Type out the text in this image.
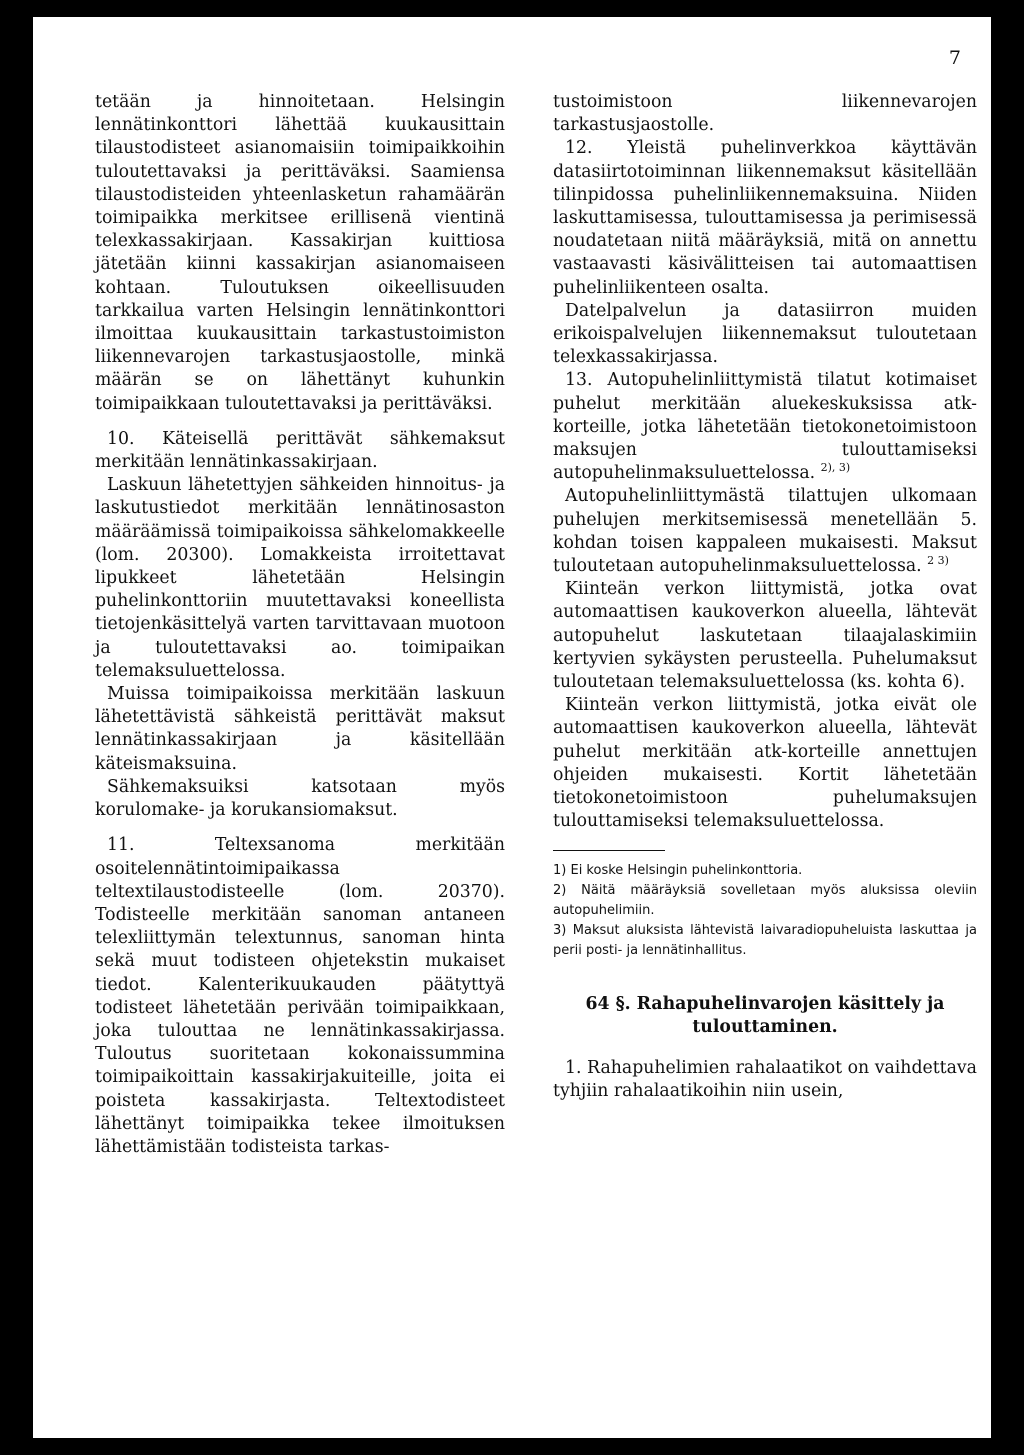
7

tetään ja hinnoitetaan. Helsingin lennätinkonttori lähettää kuukausittain tilaustodisteet asianomaisiin toimipaikkoihin tuloutettavaksi ja perittäväksi. Saamiensa tilaustodisteiden yhteenlasketun rahamäärän toimipaikka merkitsee erillisenä vientinä telexkassakirjaan. Kassakirjan kuittiosa jätetään kiinni kassakirjan asianomaiseen kohtaan. Tuloutuksen oikeellisuuden tarkkailua varten Helsingin lennätinkonttori ilmoittaa kuukausittain tarkastustoimiston liikennevarojen tarkastusjaostolle, minkä määrän se on lähettänyt kuhunkin toimipaikkaan tuloutettavaksi ja perittäväksi.

10. Käteisellä perittävät sähkemaksut merkitään lennätinkassakirjaan.

Laskuun lähetettyjen sähkeiden hinnoitus- ja laskutustiedot merkitään lennätinosaston määräämissä toimipaikoissa sähkelomakkeelle (lom. 20300). Lomakkeista irroitettavat lipukkeet lähetetään Helsingin puhelinkonttoriin muutettavaksi koneellista tietojenkäsittelyä varten tarvittavaan muotoon ja tuloutettavaksi ao. toimipaikan telemaksuluettelossa.

Muissa toimipaikoissa merkitään laskuun lähetettävistä sähkeistä perittävät maksut lennätinkassakirjaan ja käsitellään käteismaksuina.

Sähkemaksuiksi katsotaan myös korulomake- ja korukansiomaksut.

11. Teltexsanoma merkitään osoitelennätintoimipaikassa teltextilaustodisteelle (lom. 20370). Todisteelle merkitään sanoman antaneen telexliittymän telextunnus, sanoman hinta sekä muut todisteen ohjetekstin mukaiset tiedot. Kalenterikuukauden päätyttyä todisteet lähetetään perivään toimipaikkaan, joka tulouttaa ne lennätinkassakirjassa. Tuloutus suoritetaan kokonaissummina toimipaikoittain kassakirjakuiteille, joita ei poisteta kassakirjasta. Teltextodisteet lähettänyt toimipaikka tekee ilmoituksen lähettämistään todisteista tarkas-

tustoimistoon liikennevarojen tarkastusjaostolle.

12. Yleistä puhelinverkkoa käyttävän datasiirtotoiminnan liikennemaksut käsitellään tilinpidossa puhelinliikennemaksuina. Niiden laskuttamisessa, tulouttamisessa ja perimisessä noudatetaan niitä määräyksiä, mitä on annettu vastaavasti käsivälitteisen tai automaattisen puhelinliikenteen osalta.

Datelpalvelun ja datasiirron muiden erikoispalvelujen liikennemaksut tuloutetaan telexkassakirjassa.

13. Autopuhelinliittymistä tilatut kotimaiset puhelut merkitään aluekeskuksissa atk-korteille, jotka lähetetään tietokonetoimistoon maksujen tulouttamiseksi autopuhelinmaksuluettelossa. $^{2), 3)}$

Autopuhelinliittymästä tilattujen ulkomaan puhelujen merkitsemisessä menetellään 5. kohdan toisen kappaleen mukaisesti. Maksut tuloutetaan autopuhelinmaksuluettelossa. $^{2 3)}$

Kiinteän verkon liittymistä, jotka ovat automaattisen kaukoverkon alueella, lähtevät autopuhelut laskutetaan tilaajalaskimiin kertyvien sykäysten perusteella. Puhelumaksut tuloutetaan telemaksuluettelossa (ks. kohta 6).

Kiinteän verkon liittymistä, jotka eivät ole automaattisen kaukoverkon alueella, lähtevät puhelut merkitään atk-korteille annettujen ohjeiden mukaisesti. Kortit lähetetään tietokonetoimistoon puhelumaksujen tulouttamiseksi telemaksuluettelossa.

1) Ei koske Helsingin puhelinkonttoria.

2) Näitä määräyksiä sovelletaan myös aluksissa oleviin autopuhelimiin.

3) Maksut aluksista lähtevistä laivaradiopuheluista laskuttaa ja perii posti- ja lennätinhallitus.

64 §. Rahapuhelinvarojen käsittely ja tulouttaminen.

1. Rahapuhelimien rahalaatikot on vaihdettava tyhjiin rahalaatikoihin niin usein,
